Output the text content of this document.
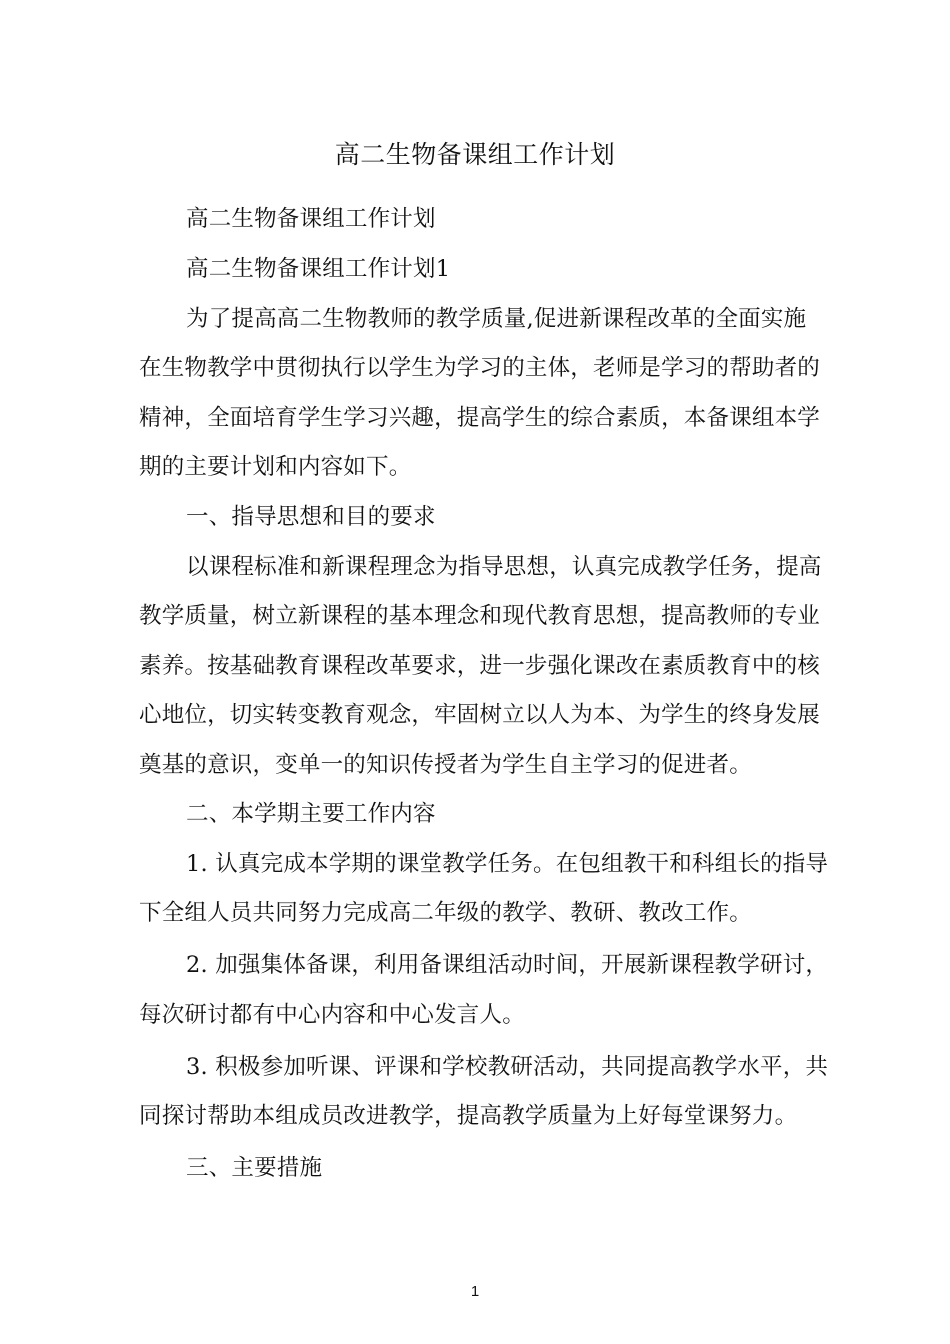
高二生物备课组工作计划
高二生物备课组工作计划
高二生物备课组工作计划1
为了提高高二生物教师的教学质量,促进新课程改革的全面实施
在生物教学中贯彻执行以学生为学习的主体，老师是学习的帮助者的
精神，全面培育学生学习兴趣，提高学生的综合素质，本备课组本学
期的主要计划和内容如下。
一、指导思想和目的要求
以课程标准和新课程理念为指导思想，认真完成教学任务，提高
教学质量，树立新课程的基本理念和现代教育思想，提高教师的专业
素养。按基础教育课程改革要求，进一步强化课改在素质教育中的核
心地位，切实转变教育观念，牢固树立以人为本、为学生的终身发展
奠基的意识，变单一的知识传授者为学生自主学习的促进者。
二、本学期主要工作内容
1. 认真完成本学期的课堂教学任务。在包组教干和科组长的指导
下全组人员共同努力完成高二年级的教学、教研、教改工作。
2. 加强集体备课，利用备课组活动时间，开展新课程教学研讨，
每次研讨都有中心内容和中心发言人。
3. 积极参加听课、评课和学校教研活动，共同提高教学水平，共
同探讨帮助本组成员改进教学，提高教学质量为上好每堂课努力。
三、主要措施
1
